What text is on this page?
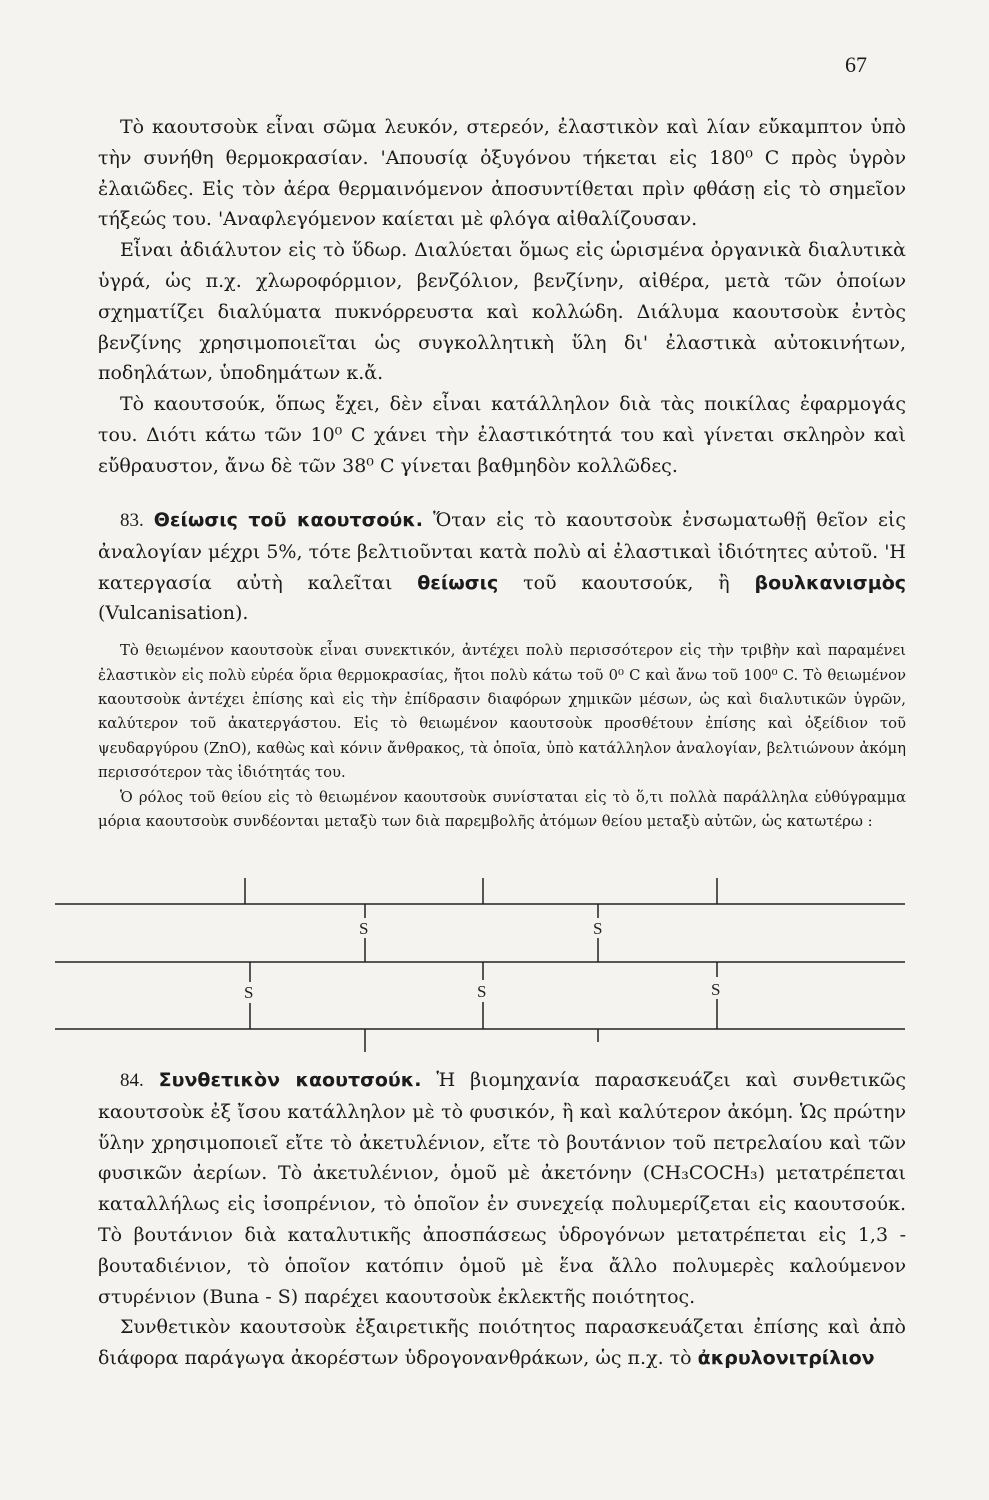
67

Τὸ καουτσοὺκ εἶναι σῶμα λευκόν, στερεόν, ἐλαστικὸν καὶ λίαν εὔκαμπτον ὑπὸ τὴν συνήθη θερμοκρασίαν. 'Απουσίᾳ ὀξυγόνου τήκεται εἰς 180⁰ C πρὸς ὑγρὸν ἐλαιῶδες. Εἰς τὸν ἀέρα θερμαινόμενον ἀποσυντίθεται πρὶν φθάσῃ εἰς τὸ σημεῖον τήξεώς του. 'Αναφλεγόμενον καίεται μὲ φλόγα αἰθαλίζουσαν.

Εἶναι ἀδιάλυτον εἰς τὸ ὕδωρ. Διαλύεται ὅμως εἰς ὡρισμένα ὀργανικὰ διαλυτικὰ ὑγρά, ὡς π.χ. χλωροφόρμιον, βενζόλιον, βενζίνην, αἰθέρα, μετὰ τῶν ὁποίων σχηματίζει διαλύματα πυκνόρρευστα καὶ κολλώδη. Διάλυμα καουτσοὺκ ἐντὸς βενζίνης χρησιμοποιεῖται ὡς συγκολλητικὴ ὕλη δι' ἐλαστικὰ αὐτοκινήτων, ποδηλάτων, ὑποδημάτων κ.ἄ.

Τὸ καουτσούκ, ὅπως ἔχει, δὲν εἶναι κατάλληλον διὰ τὰς ποικίλας ἐφαρμογάς του. Διότι κάτω τῶν 10⁰ C χάνει τὴν ἐλαστικότητά του καὶ γίνεται σκληρὸν καὶ εὔθραυστον, ἄνω δὲ τῶν 38⁰ C γίνεται βαθμηδὸν κολλῶδες.

83. Θείωσις τοῦ καουτσούκ. Ὅταν εἰς τὸ καουτσοὺκ ἐνσωματωθῇ θεῖον εἰς ἀναλογίαν μέχρι 5%, τότε βελτιοῦνται κατὰ πολὺ αἱ ἐλαστικαὶ ἰδιότητες αὐτοῦ. 'Η κατεργασία αὐτὴ καλεῖται θείωσις τοῦ καουτσούκ, ἢ βουλκανισμὸς (Vulcanisation).

Τὸ θειωμένον καουτσοὺκ εἶναι συνεκτικόν, ἀντέχει πολὺ περισσότερον εἰς τὴν τριβὴν καὶ παραμένει ἐλαστικὸν εἰς πολὺ εὐρέα ὅρια θερμοκρασίας, ἤτοι πολὺ κάτω τοῦ 0⁰ C καὶ ἄνω τοῦ 100⁰ C. Τὸ θειωμένον καουτσοὺκ ἀντέχει ἐπίσης καὶ εἰς τὴν ἐπίδρασιν διαφόρων χημικῶν μέσων, ὡς καὶ διαλυτικῶν ὑγρῶν, καλύτερον τοῦ ἀκατεργάστου. Εἰς τὸ θειωμένον καουτσοὺκ προσθέτουν ἐπίσης καὶ ὀξείδιον τοῦ ψευδαργύρου (ZnO), καθὼς καὶ κόνιν ἄνθρακος, τὰ ὁποῖα, ὑπὸ κατάλληλον ἀναλογίαν, βελτιώνουν ἀκόμη περισσότερον τὰς ἰδιότητάς του.

Ὁ ρόλος τοῦ θείου εἰς τὸ θειωμένον καουτσοὺκ συνίσταται εἰς τὸ ὅ,τι πολλὰ παράλληλα εὐθύγραμμα μόρια καουτσοὺκ συνδέονται μεταξὺ των διὰ παρεμβολῆς ἀτόμων θείου μεταξὺ αὐτῶν, ὡς κατωτέρω :

S	S
S	S	S

84. Συνθετικὸν καουτσούκ. Ἡ βιομηχανία παρασκευάζει καὶ συνθετικῶς καουτσοὺκ ἐξ ἴσου κατάλληλον μὲ τὸ φυσικόν, ἢ καὶ καλύτερον ἀκόμη. Ὡς πρώτην ὕλην χρησιμοποιεῖ εἴτε τὸ ἀκετυλένιον, εἴτε τὸ βουτάνιον τοῦ πετρελαίου καὶ τῶν φυσικῶν ἀερίων. Τὸ ἀκετυλένιον, ὁμοῦ μὲ ἀκετόνην (CH₃COCH₃) μετατρέπεται καταλλήλως εἰς ἰσοπρένιον, τὸ ὁποῖον ἐν συνεχείᾳ πολυμερίζεται εἰς καουτσούκ. Τὸ βουτάνιον διὰ καταλυτικῆς ἀποσπάσεως ὑδρογόνων μετατρέπεται εἰς 1,3 - βουταδιένιον, τὸ ὁποῖον κατόπιν ὁμοῦ μὲ ἕνα ἄλλο πολυμερὲς καλούμενον στυρένιον (Buna - S) παρέχει καουτσοὺκ ἐκλεκτῆς ποιότητος.

Συνθετικὸν καουτσοὺκ ἐξαιρετικῆς ποιότητος παρασκευάζεται ἐπίσης καὶ ἀπὸ διάφορα παράγωγα ἀκορέστων ὑδρογονανθράκων, ὡς π.χ. τὸ ἀκρυλονιτρίλιον
